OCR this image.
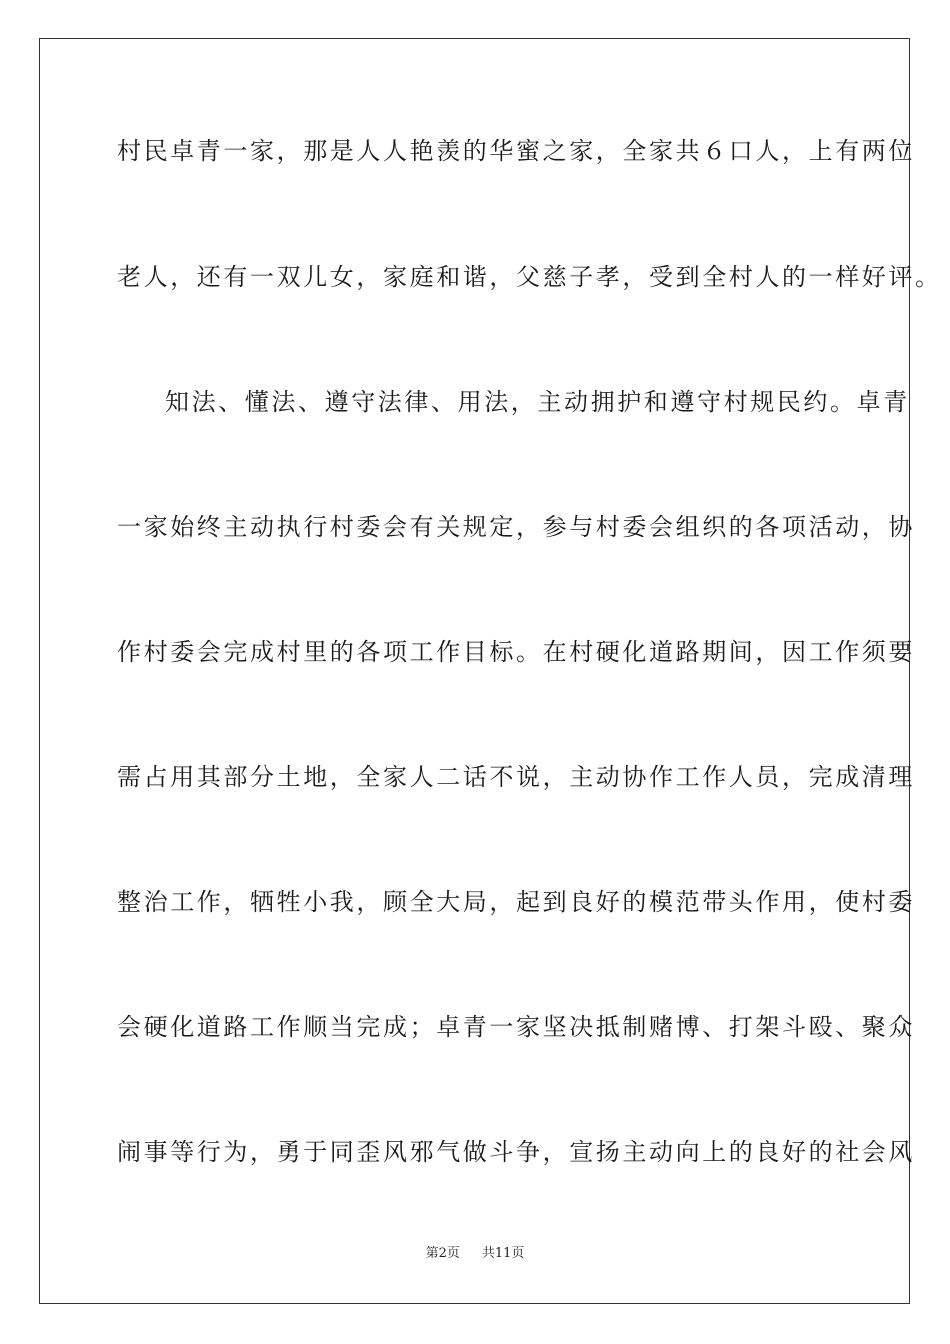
村民卓青一家，那是人人艳羡的华蜜之家，全家共６口人，上有两位
老人，还有一双儿女，家庭和谐，父慈子孝，受到全村人的一样好评。
知法、懂法、遵守法律、用法，主动拥护和遵守村规民约。卓青
一家始终主动执行村委会有关规定，参与村委会组织的各项活动，协
作村委会完成村里的各项工作目标。在村硬化道路期间，因工作须要
需占用其部分土地，全家人二话不说，主动协作工作人员，完成清理
整治工作，牺牲小我，顾全大局，起到良好的模范带头作用，使村委
会硬化道路工作顺当完成；卓青一家坚决抵制赌博、打架斗殴、聚众
闹事等行为，勇于同歪风邪气做斗争，宣扬主动向上的良好的社会风
第2页 共11页
